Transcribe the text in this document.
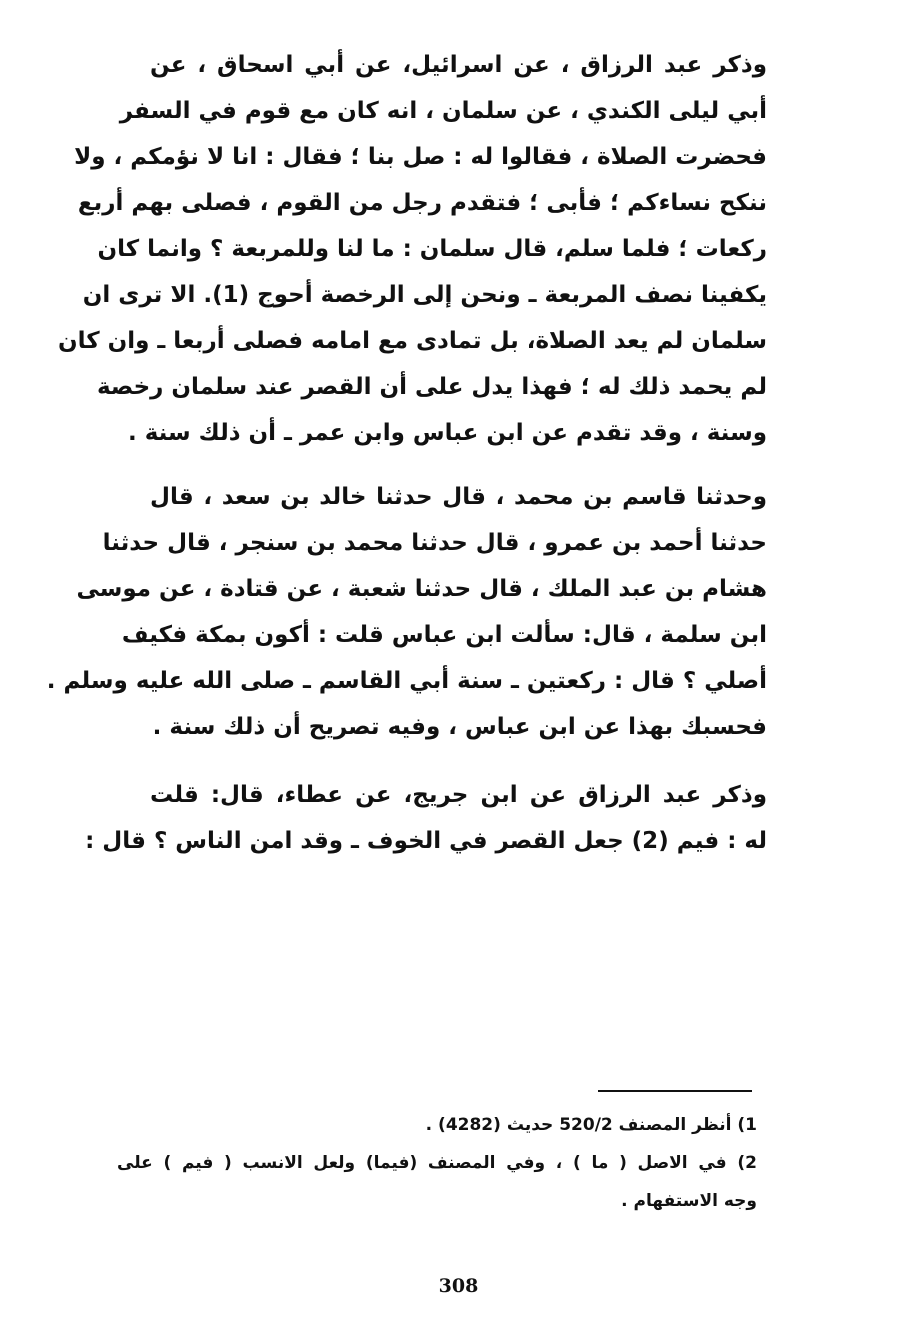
وذكر عبد الرزاق ، عن اسرائيل، عن أبي اسحاق ، عن
أبي ليلى الكندي ، عن سلمان ، انه كان مع قوم في السفر
فحضرت الصلاة ، فقالوا له : صل بنا ؛ فقال : انا لا نؤمكم ، ولا
ننكح نساءكم ؛ فأبى ؛ فتقدم رجل من القوم ، فصلى بهم أربع
ركعات ؛ فلما سلم، قال سلمان : ما لنا وللمربعة ؟ وانما كان
يكفينا نصف المربعة ـ ونحن إلى الرخصة أحوج (1). الا ترى ان
سلمان لم يعد الصلاة، بل تمادى مع امامه فصلى أربعا ـ وان كان
لم يحمد ذلك له ؛ فهذا يدل على أن القصر عند سلمان رخصة
وسنة ، وقد تقدم عن ابن عباس وابن عمر ـ أن ذلك سنة .
وحدثنا قاسم بن محمد ، قال حدثنا خالد بن سعد ، قال
حدثنا أحمد بن عمرو ، قال حدثنا محمد بن سنجر ، قال حدثنا
هشام بن عبد الملك ، قال حدثنا شعبة ، عن قتادة ، عن موسى
ابن سلمة ، قال: سألت ابن عباس قلت : أكون بمكة فكيف
أصلي ؟ قال : ركعتين ـ سنة أبي القاسم ـ صلى الله عليه وسلم .
فحسبك بهذا عن ابن عباس ، وفيه تصريح أن ذلك سنة .
وذكر عبد الرزاق عن ابن جريج، عن عطاء، قال: قلت
له : فيم (2) جعل القصر في الخوف ـ وقد امن الناس ؟ قال :
1) أنظر المصنف 520/2 حديث (4282) .
2) في الاصل ( ما ) ، وفي المصنف (فيما) ولعل الانسب ( فيم ) على
وجه الاستفهام .
308
